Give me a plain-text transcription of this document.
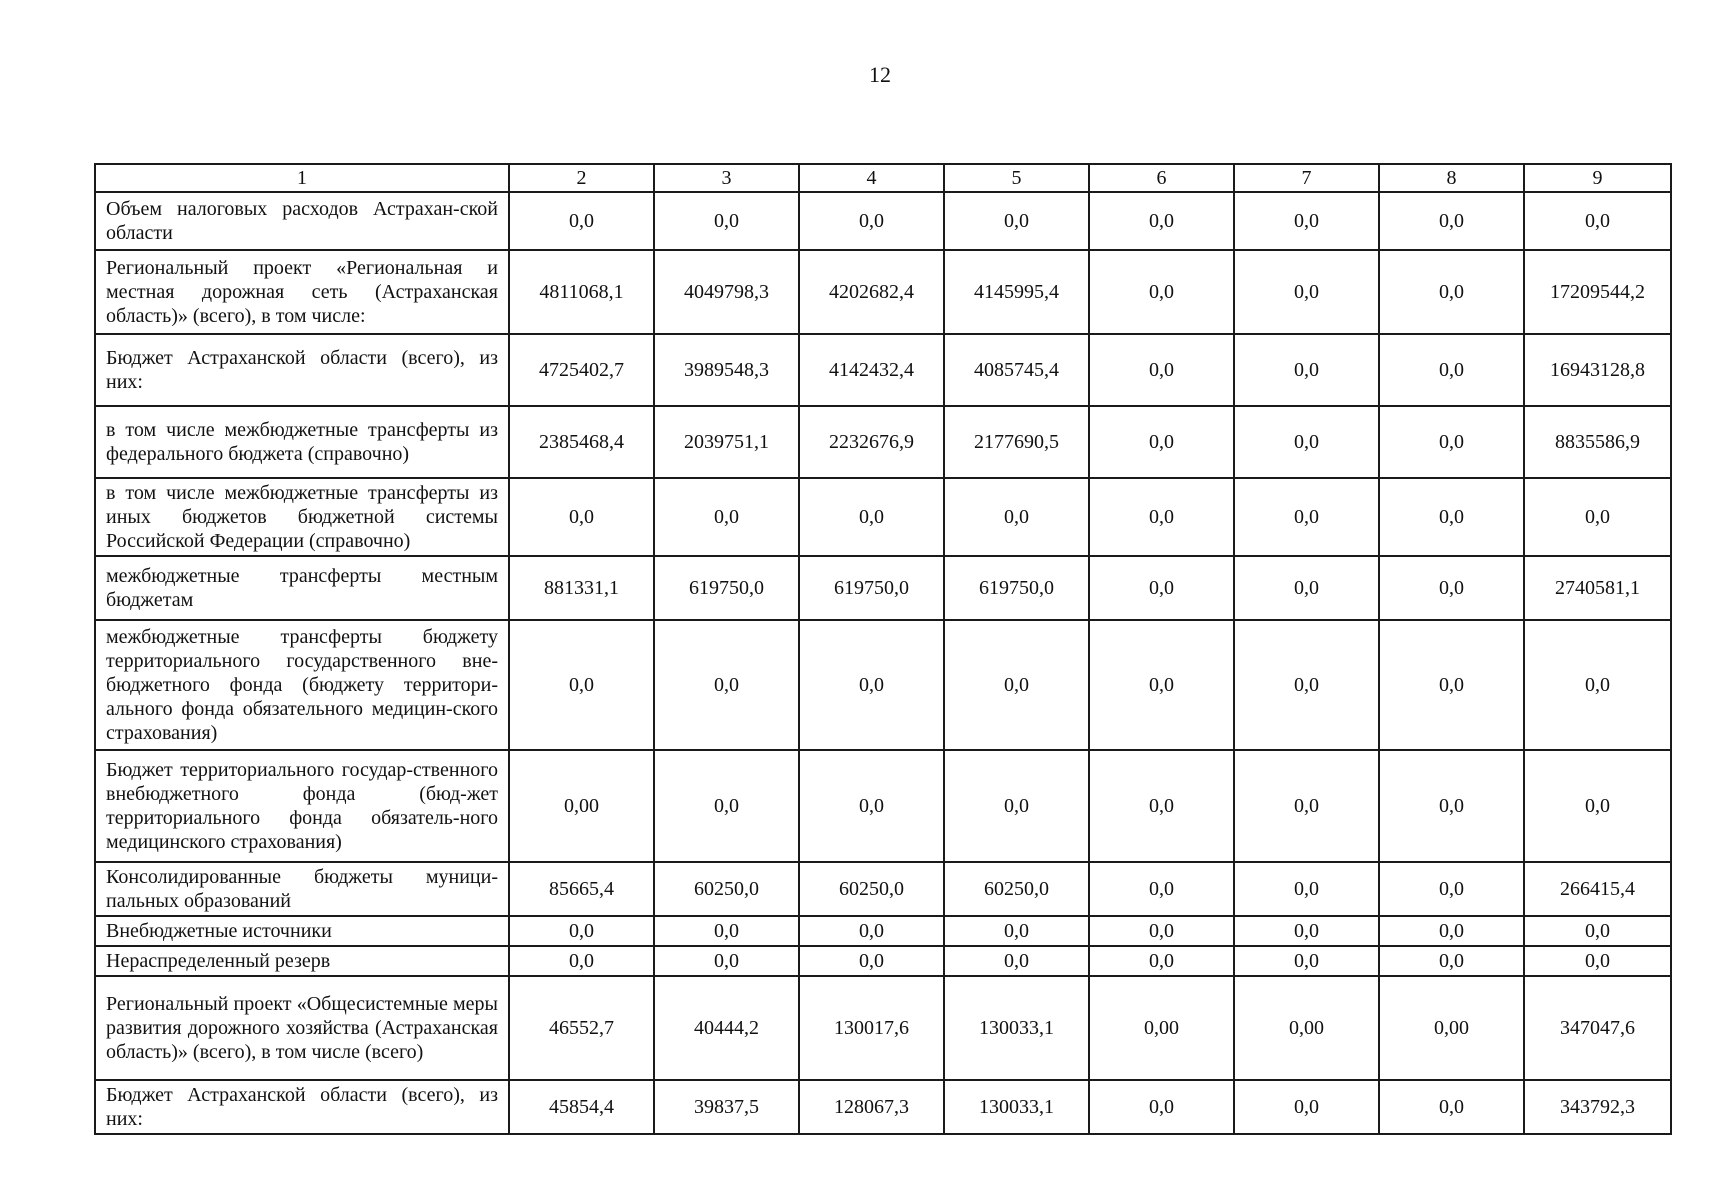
12
1	2	3	4	5	6	7	8	9
Объем налоговых расходов Астрахан-ской области	0,0	0,0	0,0	0,0	0,0	0,0	0,0	0,0
Региональный проект «Региональная и местная дорожная сеть (Астраханская область)» (всего), в том числе:	4811068,1	4049798,3	4202682,4	4145995,4	0,0	0,0	0,0	17209544,2
Бюджет Астраханской области (всего), из них:	4725402,7	3989548,3	4142432,4	4085745,4	0,0	0,0	0,0	16943128,8
в том числе межбюджетные трансферты из федерального бюджета (справочно)	2385468,4	2039751,1	2232676,9	2177690,5	0,0	0,0	0,0	8835586,9
в том числе межбюджетные трансферты из иных бюджетов бюджетной системы Российской Федерации (справочно)	0,0	0,0	0,0	0,0	0,0	0,0	0,0	0,0
межбюджетные трансферты местным бюджетам	881331,1	619750,0	619750,0	619750,0	0,0	0,0	0,0	2740581,1
межбюджетные трансферты бюджету территориального государственного вне-бюджетного фонда (бюджету территори-ального фонда обязательного медицин-ского страхования)	0,0	0,0	0,0	0,0	0,0	0,0	0,0	0,0
Бюджет территориального государ-ственного внебюджетного фонда (бюд-жет территориального фонда обязатель-ного медицинского страхования)	0,00	0,0	0,0	0,0	0,0	0,0	0,0	0,0
Консолидированные бюджеты муници-пальных образований	85665,4	60250,0	60250,0	60250,0	0,0	0,0	0,0	266415,4
Внебюджетные источники	0,0	0,0	0,0	0,0	0,0	0,0	0,0	0,0
Нераспределенный резерв	0,0	0,0	0,0	0,0	0,0	0,0	0,0	0,0
Региональный проект «Общесистемные меры развития дорожного хозяйства (Астраханская область)» (всего), в том числе (всего)	46552,7	40444,2	130017,6	130033,1	0,00	0,00	0,00	347047,6
Бюджет Астраханской области (всего), из них:	45854,4	39837,5	128067,3	130033,1	0,0	0,0	0,0	343792,3
